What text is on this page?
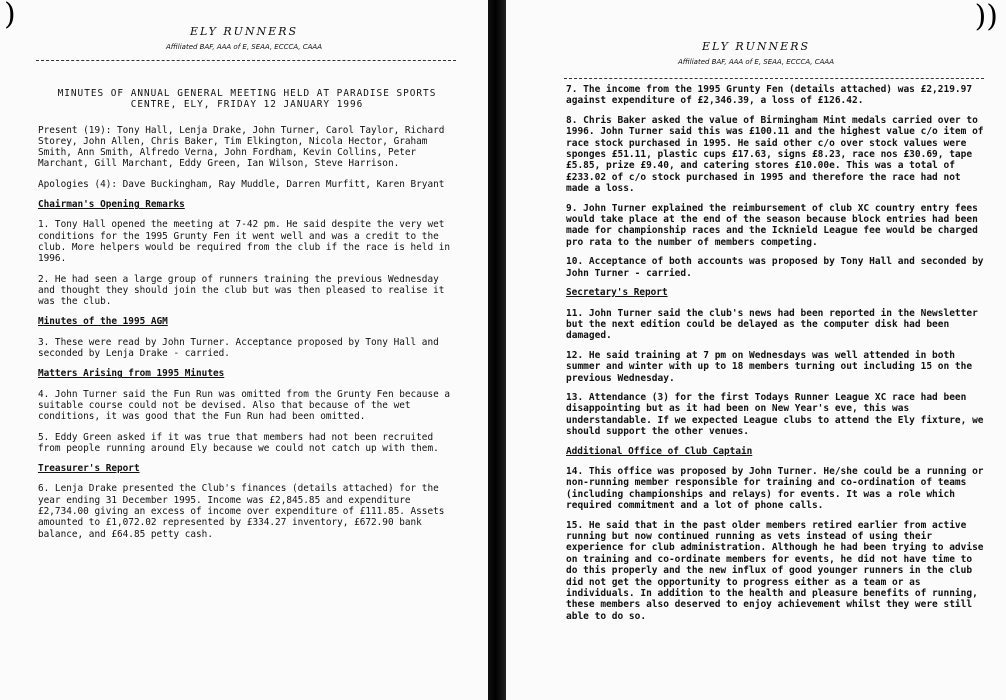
)	ELY RUNNERS
Affiliated BAF, AAA of E, SEAA, ECCCA, CAAA

MINUTES OF ANNUAL GENERAL MEETING HELD AT PARADISE SPORTS CENTRE, ELY, FRIDAY 12 JANUARY 1996

Present (19): Tony Hall, Lenja Drake, John Turner, Carol Taylor, Richard Storey, John Allen, Chris Baker, Tim Elkington, Nicola Hector, Graham Smith, Ann Smith, Alfredo Verna, John Fordham, Kevin Collins, Peter Marchant, Gill Marchant, Eddy Green, Ian Wilson, Steve Harrison.

Apologies (4): Dave Buckingham, Ray Muddle, Darren Murfitt, Karen Bryant

Chairman's Opening Remarks

1. Tony Hall opened the meeting at 7-42 pm. He said despite the very wet conditions for the 1995 Grunty Fen it went well and was a credit to the club. More helpers would be required from the club if the race is held in 1996.

2. He had seen a large group of runners training the previous Wednesday and thought they should join the club but was then pleased to realise it was the club.

Minutes of the 1995 AGM

3. These were read by John Turner. Acceptance proposed by Tony Hall and seconded by Lenja Drake - carried.

Matters Arising from 1995 Minutes

4. John Turner said the Fun Run was omitted from the Grunty Fen because a suitable course could not be devised. Also that because of the wet conditions, it was good that the Fun Run had been omitted.

5. Eddy Green asked if it was true that members had not been recruited from people running around Ely because we could not catch up with them.

Treasurer's Report

6. Lenja Drake presented the Club's finances (details attached) for the year ending 31 December 1995. Income was £2,845.85 and expenditure £2,734.00 giving an excess of income over expenditure of £111.85. Assets amounted to £1,072.02 represented by £334.27 inventory, £672.90 bank balance, and £64.85 petty cash.

))
ELY RUNNERS
Affiliated BAF, AAA of E, SEAA, ECCCA, CAAA

7. The income from the 1995 Grunty Fen (details attached) was £2,219.97 against expenditure of £2,346.39, a loss of £126.42.

8. Chris Baker asked the value of Birmingham Mint medals carried over to 1996. John Turner said this was £100.11 and the highest value c/o item of race stock purchased in 1995. He said other c/o over stock values were sponges £51.11, plastic cups £17.63, signs £8.23, race nos £30.69, tape £5.85, prize £9.40, and catering stores £10.00e. This was a total of £233.02 of c/o stock purchased in 1995 and therefore the race had not made a loss.

9. John Turner explained the reimbursement of club XC country entry fees would take place at the end of the season because block entries had been made for championship races and the Icknield League fee would be charged pro rata to the number of members competing.

10. Acceptance of both accounts was proposed by Tony Hall and seconded by John Turner - carried.

Secretary's Report

11. John Turner said the club's news had been reported in the Newsletter but the next edition could be delayed as the computer disk had been damaged.

12. He said training at 7 pm on Wednesdays was well attended in both summer and winter with up to 18 members turning out including 15 on the previous Wednesday.

13. Attendance (3) for the first Todays Runner League XC race had been disappointing but as it had been on New Year's eve, this was understandable. If we expected League clubs to attend the Ely fixture, we should support the other venues.

Additional Office of Club Captain

14. This office was proposed by John Turner. He/she could be a running or non-running member responsible for training and co-ordination of teams (including championships and relays) for events. It was a role which required commitment and a lot of phone calls.

15. He said that in the past older members retired earlier from active running but now continued running as vets instead of using their experience for club administration. Although he had been trying to advise on training and co-ordinate members for events, he did not have time to do this properly and the new influx of good younger runners in the club did not get the opportunity to progress either as a team or as individuals. In addition to the health and pleasure benefits of running, these members also deserved to enjoy achievement whilst they were still able to do so.
